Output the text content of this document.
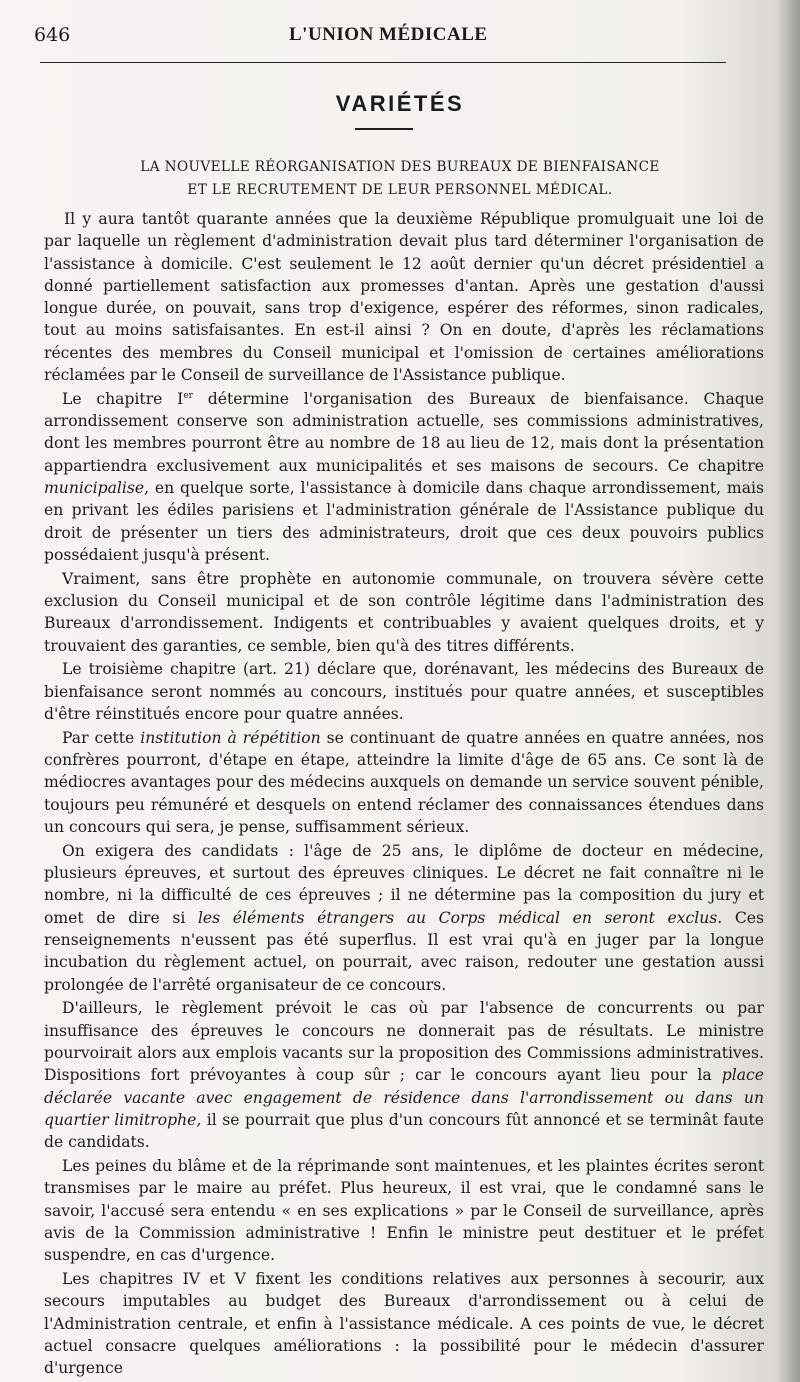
646	L'UNION MÉDICALE
VARIÉTÉS
LA NOUVELLE RÉORGANISATION DES BUREAUX DE BIENFAISANCE
ET LE RECRUTEMENT DE LEUR PERSONNEL MÉDICAL.

Il y aura tantôt quarante années que la deuxième République promulguait une loi de par laquelle un règlement d'administration devait plus tard déterminer l'organisation de l'assistance à domicile. C'est seulement le 12 août dernier qu'un décret présidentiel a donné partiellement satisfaction aux promesses d'antan. Après une gestation d'aussi longue durée, on pouvait, sans trop d'exigence, espérer des réformes, sinon radicales, tout au moins satisfaisantes. En est-il ainsi ? On en doute, d'après les réclamations récentes des membres du Conseil municipal et l'omission de certaines améliorations réclamées par le Conseil de surveillance de l'Assistance publique.

Le chapitre Ier détermine l'organisation des Bureaux de bienfaisance. Chaque arrondissement conserve son administration actuelle, ses commissions administratives, dont les membres pourront être au nombre de 18 au lieu de 12, mais dont la présentation appartiendra exclusivement aux municipalités et ses maisons de secours. Ce chapitre municipalise, en quelque sorte, l'assistance à domicile dans chaque arrondissement, mais en privant les édiles parisiens et l'administration générale de l'Assistance publique du droit de présenter un tiers des administrateurs, droit que ces deux pouvoirs publics possédaient jusqu'à présent.

Vraiment, sans être prophète en autonomie communale, on trouvera sévère cette exclusion du Conseil municipal et de son contrôle légitime dans l'administration des Bureaux d'arrondissement. Indigents et contribuables y avaient quelques droits, et y trouvaient des garanties, ce semble, bien qu'à des titres différents.

Le troisième chapitre (art. 21) déclare que, dorénavant, les médecins des Bureaux de bienfaisance seront nommés au concours, institués pour quatre années, et susceptibles d'être réinstitués encore pour quatre années.

Par cette institution à répétition se continuant de quatre années en quatre années, nos confrères pourront, d'étape en étape, atteindre la limite d'âge de 65 ans. Ce sont là de médiocres avantages pour des médecins auxquels on demande un service souvent pénible, toujours peu rémunéré et desquels on entend réclamer des connaissances étendues dans un concours qui sera, je pense, suffisamment sérieux.

On exigera des candidats : l'âge de 25 ans, le diplôme de docteur en médecine, plusieurs épreuves, et surtout des épreuves cliniques. Le décret ne fait connaître ni le nombre, ni la difficulté de ces épreuves ; il ne détermine pas la composition du jury et omet de dire si les éléments étrangers au Corps médical en seront exclus. Ces renseignements n'eussent pas été superflus. Il est vrai qu'à en juger par la longue incubation du règlement actuel, on pourrait, avec raison, redouter une gestation aussi prolongée de l'arrêté organisateur de ce concours.

D'ailleurs, le règlement prévoit le cas où par l'absence de concurrents ou par insuffisance des épreuves le concours ne donnerait pas de résultats. Le ministre pourvoirait alors aux emplois vacants sur la proposition des Commissions administratives. Dispositions fort prévoyantes à coup sûr ; car le concours ayant lieu pour la place déclarée vacante avec engagement de résidence dans l'arrondissement ou dans un quartier limitrophe, il se pourrait que plus d'un concours fût annoncé et se terminât faute de candidats.

Les peines du blâme et de la réprimande sont maintenues, et les plaintes écrites seront transmises par le maire au préfet. Plus heureux, il est vrai, que le condamné sans le savoir, l'accusé sera entendu « en ses explications » par le Conseil de surveillance, après avis de la Commission administrative ! Enfin le ministre peut destituer et le préfet suspendre, en cas d'urgence.

Les chapitres IV et V fixent les conditions relatives aux personnes à secourir, aux secours imputables au budget des Bureaux d'arrondissement ou à celui de l'Administration centrale, et enfin à l'assistance médicale. A ces points de vue, le décret actuel consacre quelques améliorations : la possibilité pour le médecin d'assurer d'urgence
